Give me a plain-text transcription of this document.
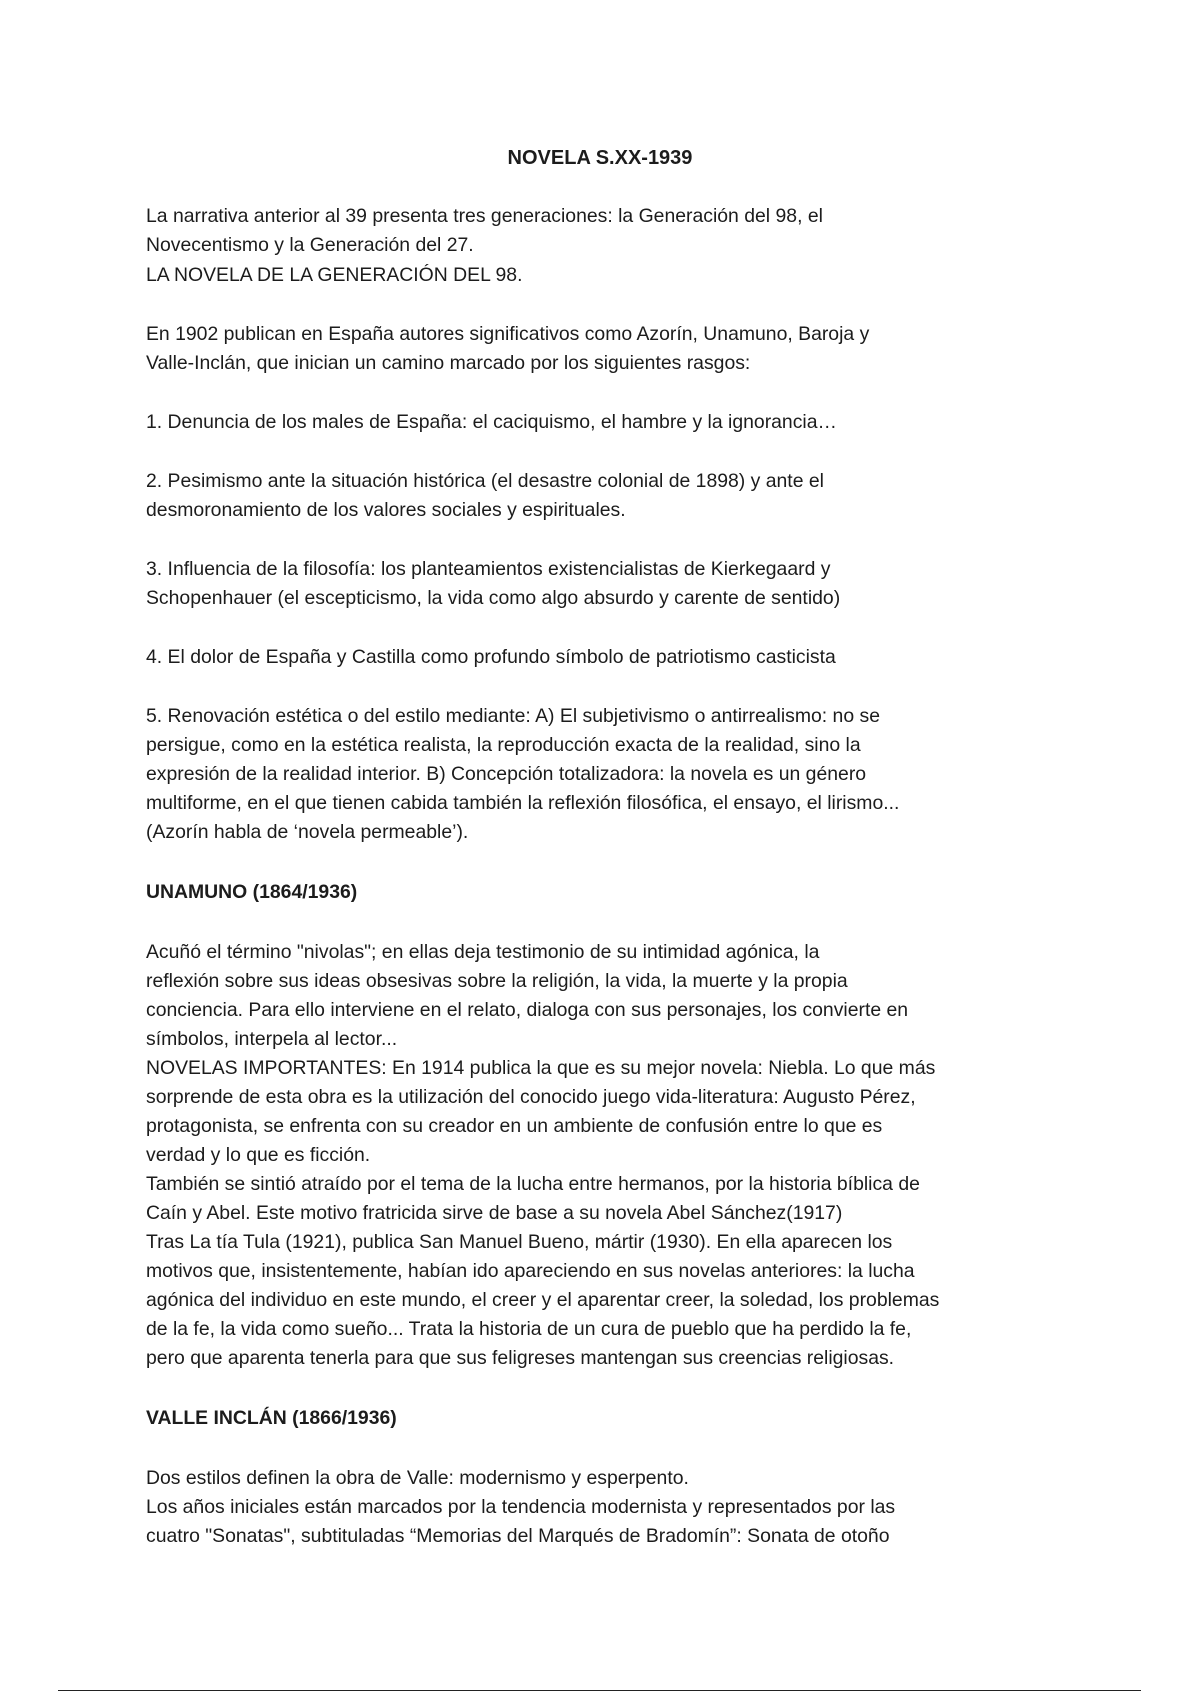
NOVELA S.XX-1939

La narrativa anterior al 39 presenta tres generaciones: la Generación del 98, el

Novecentismo y la Generación del 27.

LA NOVELA DE LA GENERACIÓN DEL 98.

En 1902 publican en España autores significativos como Azorín, Unamuno, Baroja y

Valle-Inclán, que inician un camino marcado por los siguientes rasgos:

1. Denuncia de los males de España: el caciquismo, el hambre y la ignorancia…

2. Pesimismo ante la situación histórica (el desastre colonial de 1898) y ante el

desmoronamiento de los valores sociales y espirituales.

3. Influencia de la filosofía: los planteamientos existencialistas de Kierkegaard y

Schopenhauer (el escepticismo, la vida como algo absurdo y carente de sentido)

4. El dolor de España y Castilla como profundo símbolo de patriotismo casticista

5. Renovación estética o del estilo mediante: A) El subjetivismo o antirrealismo: no se

persigue, como en la estética realista, la reproducción exacta de la realidad, sino la

expresión de la realidad interior. B) Concepción totalizadora: la novela es un género

multiforme, en el que tienen cabida también la reflexión filosófica, el ensayo, el lirismo...

(Azorín habla de ‘novela permeable’).

UNAMUNO (1864/1936)

Acuñó el término "nivolas"; en ellas deja testimonio de su intimidad agónica, la

reflexión sobre sus ideas obsesivas sobre la religión, la vida, la muerte y la propia

conciencia. Para ello interviene en el relato, dialoga con sus personajes, los convierte en

símbolos, interpela al lector...

NOVELAS IMPORTANTES: En 1914 publica la que es su mejor novela: Niebla. Lo que más

sorprende de esta obra es la utilización del conocido juego vida-literatura: Augusto Pérez,

protagonista, se enfrenta con su creador en un ambiente de confusión entre lo que es

verdad y lo que es ficción.

También se sintió atraído por el tema de la lucha entre hermanos, por la historia bíblica de

Caín y Abel. Este motivo fratricida sirve de base a su novela Abel Sánchez(1917)

Tras La tía Tula (1921), publica San Manuel Bueno, mártir (1930). En ella aparecen los

motivos que, insistentemente, habían ido apareciendo en sus novelas anteriores: la lucha

agónica del individuo en este mundo, el creer y el aparentar creer, la soledad, los problemas

de la fe, la vida como sueño... Trata la historia de un cura de pueblo que ha perdido la fe,

pero que aparenta tenerla para que sus feligreses mantengan sus creencias religiosas.

VALLE INCLÁN (1866/1936)

Dos estilos definen la obra de Valle: modernismo y esperpento.

Los años iniciales están marcados por la tendencia modernista y representados por las

cuatro "Sonatas", subtituladas “Memorias del Marqués de Bradomín”: Sonata de otoño
